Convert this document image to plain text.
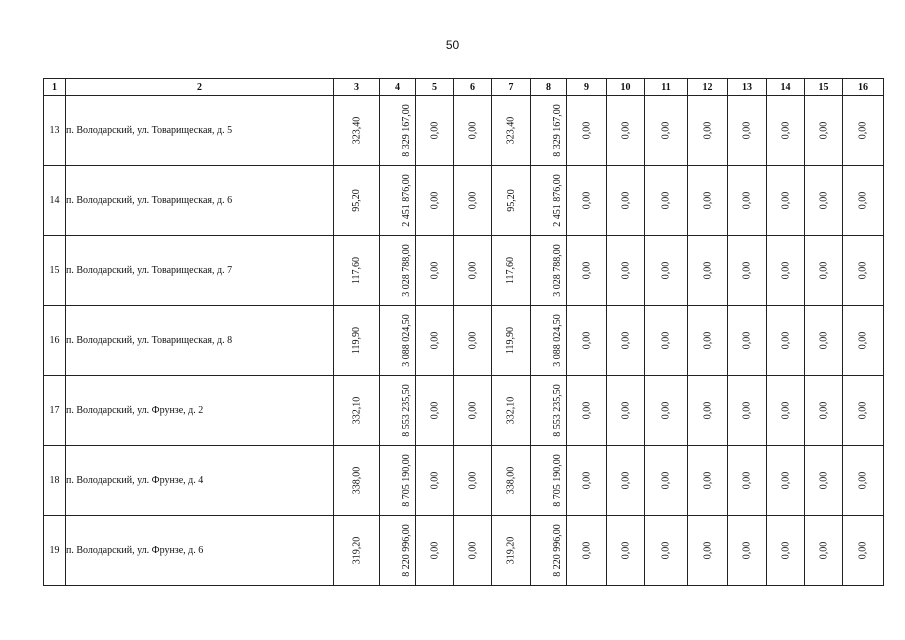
50
1	2	3	4	5	6	7	8	9	10	11	12	13	14	15	16
13	п. Володарский, ул. Товарищеская, д. 5	323,40	8 329 167,00	0,00	0,00	323,40	8 329 167,00	0,00	0,00	0,00	0,00	0,00	0,00	0,00	0,00
14	п. Володарский, ул. Товарищеская, д. 6	95,20	2 451 876,00	0,00	0,00	95,20	2 451 876,00	0,00	0,00	0,00	0,00	0,00	0,00	0,00	0,00
15	п. Володарский, ул. Товарищеская, д. 7	117,60	3 028 788,00	0,00	0,00	117,60	3 028 788,00	0,00	0,00	0,00	0,00	0,00	0,00	0,00	0,00
16	п. Володарский, ул. Товарищеская, д. 8	119,90	3 088 024,50	0,00	0,00	119,90	3 088 024,50	0,00	0,00	0,00	0,00	0,00	0,00	0,00	0,00
17	п. Володарский, ул. Фрунзе, д. 2	332,10	8 553 235,50	0,00	0,00	332,10	8 553 235,50	0,00	0,00	0,00	0,00	0,00	0,00	0,00	0,00
18	п. Володарский, ул. Фрунзе, д. 4	338,00	8 705 190,00	0,00	0,00	338,00	8 705 190,00	0,00	0,00	0,00	0,00	0,00	0,00	0,00	0,00
19	п. Володарский, ул. Фрунзе, д. 6	319,20	8 220 996,00	0,00	0,00	319,20	8 220 996,00	0,00	0,00	0,00	0,00	0,00	0,00	0,00	0,00
